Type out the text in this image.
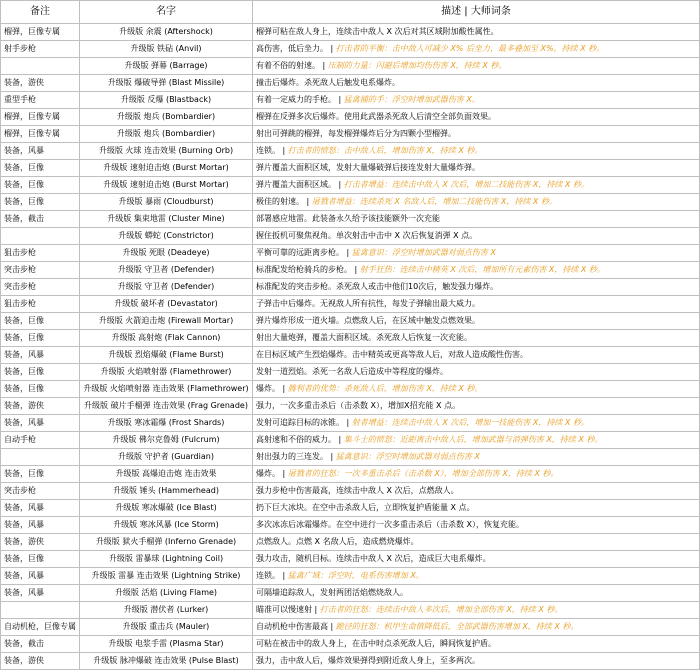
备注	名字	描述 | 大师词条
榴弹，巨像专属	升级版 余震 (Aftershock)	榴弹可粘在敌人身上，连续击中敌人 X 次后对其区域附加酸性属性。
射手步枪	升级版 铁砧 (Anvil)	高伤害，低后坐力。 | 打击者的平衡：击中敌人可减少 X% 后坐力，最多叠加至 X%，持续 X 秒。
	升级版 弹幕 (Barrage)	有着不俗的射速。 | 压制的力量：闪避后增加均伤伤害 X，持续 X 秒。
装备，游侠	升级版 爆破导弹 (Blast Missile)	撞击后爆炸。杀死敌人后触发电系爆炸。
重型手枪	升级版 反爆 (Blastback)	有着一定威力的手枪。 | 猛禽捕的手：浮空时增加武器伤害 X。
榴弹，巨像专属	升级版 炮兵 (Bombardier)	榴弹在反弹多次后爆炸。使用此武器杀死敌人后清空全部负面效果。
榴弹，巨像专属	升级版 炮兵 (Bombardier)	射出可弹跳的榴弹，每发榴弹爆炸后分为四颗小型榴弹。
装备，风暴	升级版 火球 连击效果 (Burning Orb)	连锁。 | 打击者的愤怒：击中敌人后，增加伤害 X，持续 X 秒。
装备，巨像	升级版 速射迫击炮 (Burst Mortar)	弹片覆盖大面积区域，发射大量爆破弹后接连发射大量爆炸弹。
装备，巨像	升级版 速射迫击炮 (Burst Mortar)	弹片覆盖大面积区域。 | 打击者增益：连续击中敌人 X 次后，增加二技能伤害 X，持续 X 秒。
装备，巨像	升级版 暴雨 (Cloudburst)	极佳的射速。 | 屠戮者增益：连续杀死 X 名敌人后，增加二技能伤害 X，持续 X 秒。
装备，截击	升级版 集束地雷 (Cluster Mine)	部署感应地雷。此装备永久给予该技能额外一次充能
	升级版 蟒蛇 (Constrictor)	握住扳机可聚焦视角。单次射击中击中 X 次后恢复消弹 X 点。
狙击步枪	升级版 死眼 (Deadeye)	平衡可靠的远距离步枪。 | 猛禽意识：浮空时增加武器对弱点伤害 X
突击步枪	升级版 守卫者 (Defender)	标准配发给枪骑兵的步枪。 | 射手狂热：连续击中精英 X 次后，增加所有元素伤害 X，持续 X 秒。
突击步枪	升级版 守卫者 (Defender)	标准配发的突击步枪。杀死敌人或击中他们10次后，触发强力爆炸。
狙击步枪	升级版 破坏者 (Devastator)	子弹击中后爆炸。无视敌人所有抗性，每发子弹输出最大威力。
装备，巨像	升级版 火箭迫击炮 (Firewall Mortar)	弹片爆炸形成一道火墙。点燃敌人后，在区域中触发点燃效果。
装备，巨像	升级版 高射炮 (Flak Cannon)	射出大量炮弹，覆盖大面积区域。杀死敌人后恢复一次充能。
装备，风暴	升级版 烈焰爆破 (Flame Burst)	在目标区域产生烈焰爆炸。击中精英或更高等敌人后，对敌人造成酸性伤害。
装备，巨像	升级版 火焰喷射器 (Flamethrower)	发射一道烈焰。杀死一名敌人后造成中等程度的爆炸。
装备，巨像	升级版 火焰喷射器 连击效果 (Flamethrower)	爆炸。 | 腾利者的优势：杀死敌人后，增加伤害 X，持续 X 秒。
装备，游侠	升级版 破片手榴弹 连击效果 (Frag Grenade)	强力，一次多重击杀后（击杀数 X），增加X招充能 X 点。
装备，风暴	升级版 寒冰霜爆 (Frost Shards)	发射可追踪目标的冰锥。 | 射者增益：连续击中敌人 X 次后，增加一技能伤害 X，持续 X 秒。
自动手枪	升级版 佛尔克鲁姆 (Fulcrum)	高射速和不俗的威力。 | 集斗士的愤怒：近距离击中敌人后，增加武器与消弹伤害 X，持续 X 秒。
	升级版 守护者 (Guardian)	射出强力的三连发。 | 猛禽意识：浮空时增加武器对弱点伤害 X
装备，巨像	升级版 高爆迫击炮 连击效果	爆炸。 | 屠戮者的狂怒：一次多重击杀后（击杀数 X），增加全部伤害 X，持续 X 秒。
突击步枪	升级版 锤头 (Hammerhead)	强力步枪中伤害最高，连续击中敌人 X 次后，点燃敌人。
装备，风暴	升级版 寒冰爆破 (Ice Blast)	扔下巨大冰块。在空中击杀敌人后，立即恢复护盾能量 X 点。
装备，风暴	升级版 寒冰风暴 (Ice Storm)	多次冰冻后冰霜爆炸。在空中进行一次多重击杀后（击杀数 X），恢复充能。
装备，游侠	升级版 狱火手榴弹 (Inferno Grenade)	点燃敌人。点燃 X 名敌人后，造成燃烧爆炸。
装备，巨像	升级版 雷暴球 (Lightning Coil)	强力攻击，随机目标。连续击中敌人 X 次后，造成巨大电系爆炸。
装备，风暴	升级版 雷暴 连击效果 (Lightning Strike)	连锁。 | 猛禽广域：浮空时，电系伤害增加 X。
装备，风暴	升级版 活焰 (Living Flame)	可隔墙追踪敌人，发射两团活焰燃烧敌人。
	升级版 潜伏者 (Lurker)	瞄准可以慢速射 | 打击者的狂怒：连续击中敌人多次后，增加全部伤害 X，持续 X 秒。
自动机枪，巨像专属	升级版 重击兵 (Mauler)	自动机枪中伤害最高 | 跪径的狂怒：机甲生命值降低后，全部武器伤害增加 X，持续 X 秒。
装备，截击	升级版 电浆手雷 (Plasma Star)	可粘在被击中的敌人身上，在击中时点杀死敌人后，瞬间恢复护盾。
装备，游侠	升级版 脉冲爆破 连击效果 (Pulse Blast)	强力，击中敌人后，爆炸效果弹得到附近敌人身上，至多两次。
